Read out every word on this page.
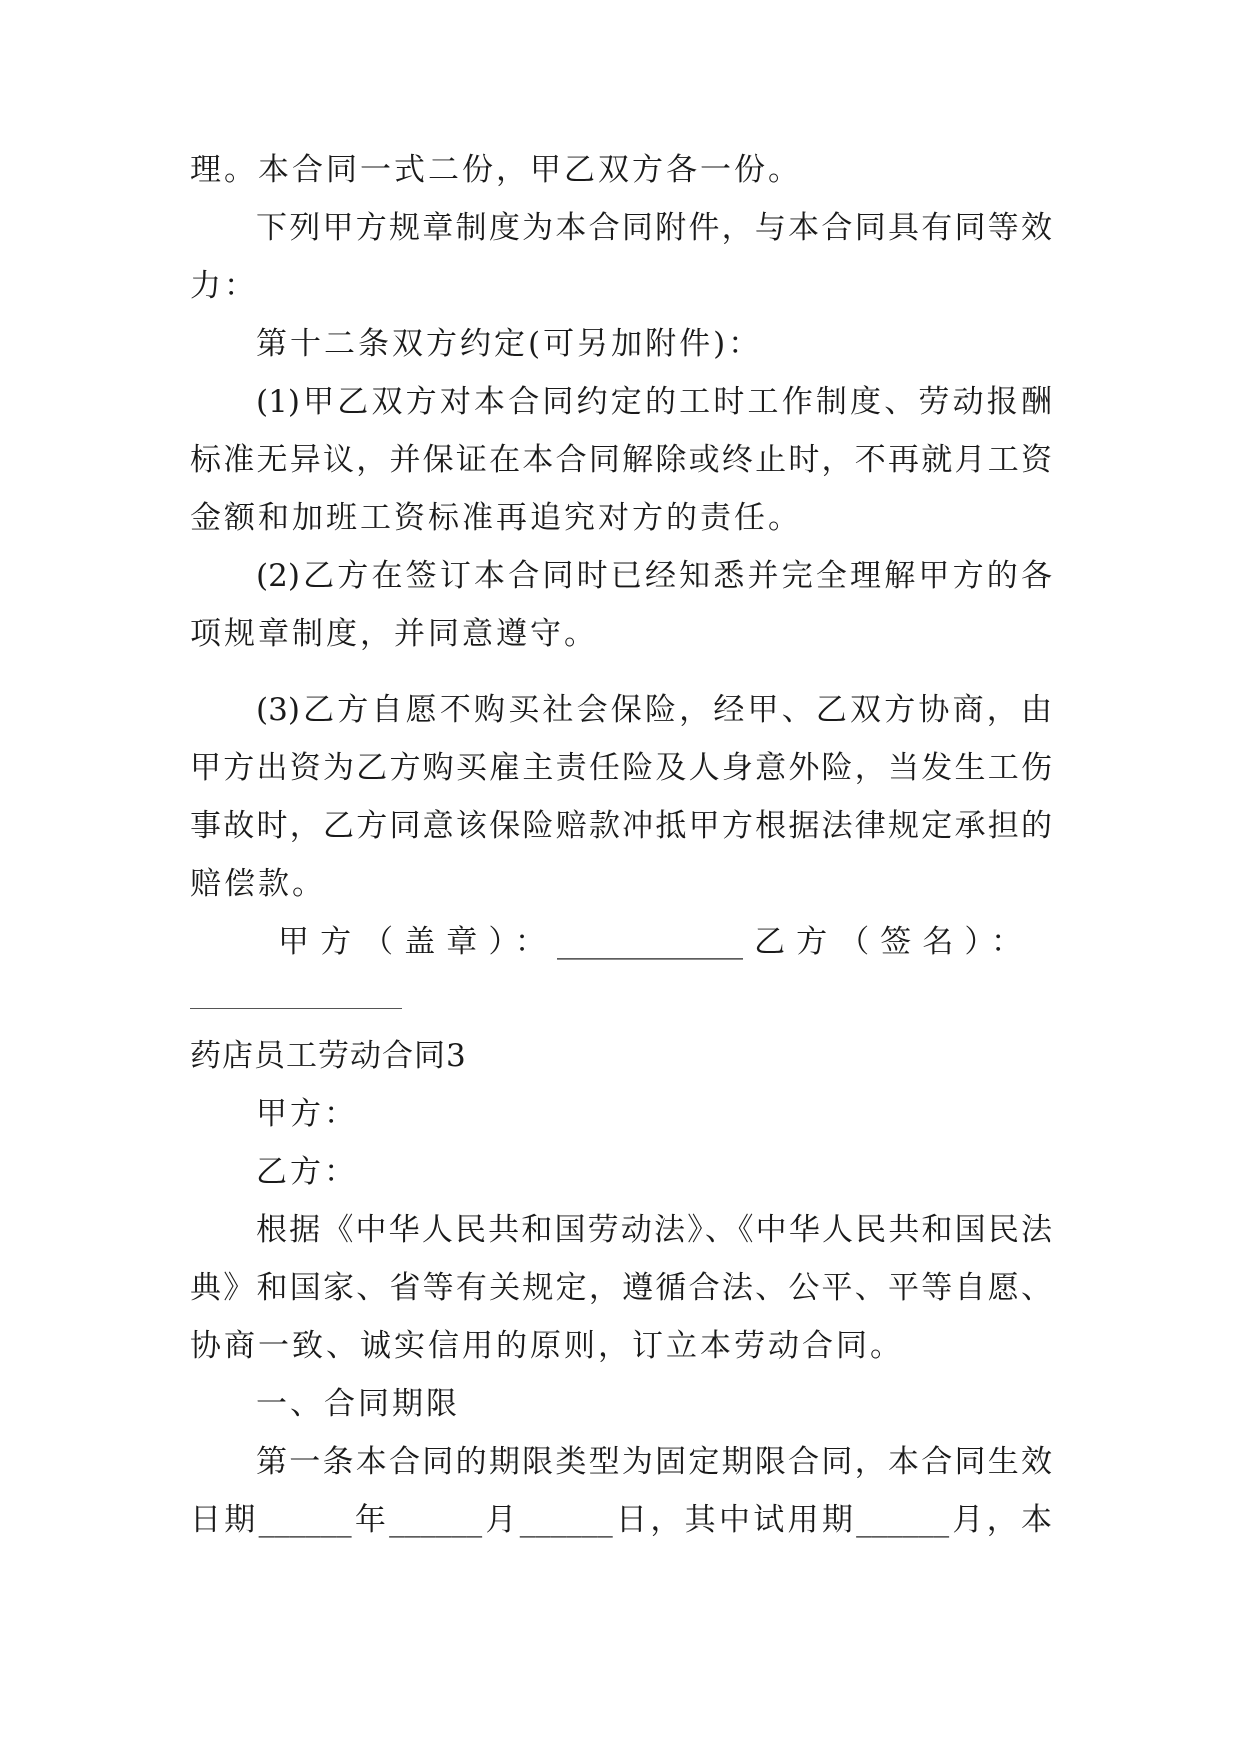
理。本合同一式二份，甲乙双方各一份。
下列甲方规章制度为本合同附件，与本合同具有同等效
力：
第十二条双方约定(可另加附件)：
(1)甲乙双方对本合同约定的工时工作制度、劳动报酬
标准无异议，并保证在本合同解除或终止时，不再就月工资
金额和加班工资标准再追究对方的责任。
(2)乙方在签订本合同时已经知悉并完全理解甲方的各
项规章制度，并同意遵守。
(3)乙方自愿不购买社会保险，经甲、乙双方协商，由
甲方出资为乙方购买雇主责任险及人身意外险，当发生工伤
事故时，乙方同意该保险赔款冲抵甲方根据法律规定承担的
赔偿款。
甲方（盖章）：____________乙方（签名）：
药店员工劳动合同3
甲方：
乙方：
根据《中华人民共和国劳动法》、《中华人民共和国民法
典》和国家、省等有关规定，遵循合法、公平、平等自愿、
协商一致、诚实信用的原则，订立本劳动合同。
一、合同期限
第一条本合同的期限类型为固定期限合同，本合同生效
日期______年______月______日，其中试用期______月，本
